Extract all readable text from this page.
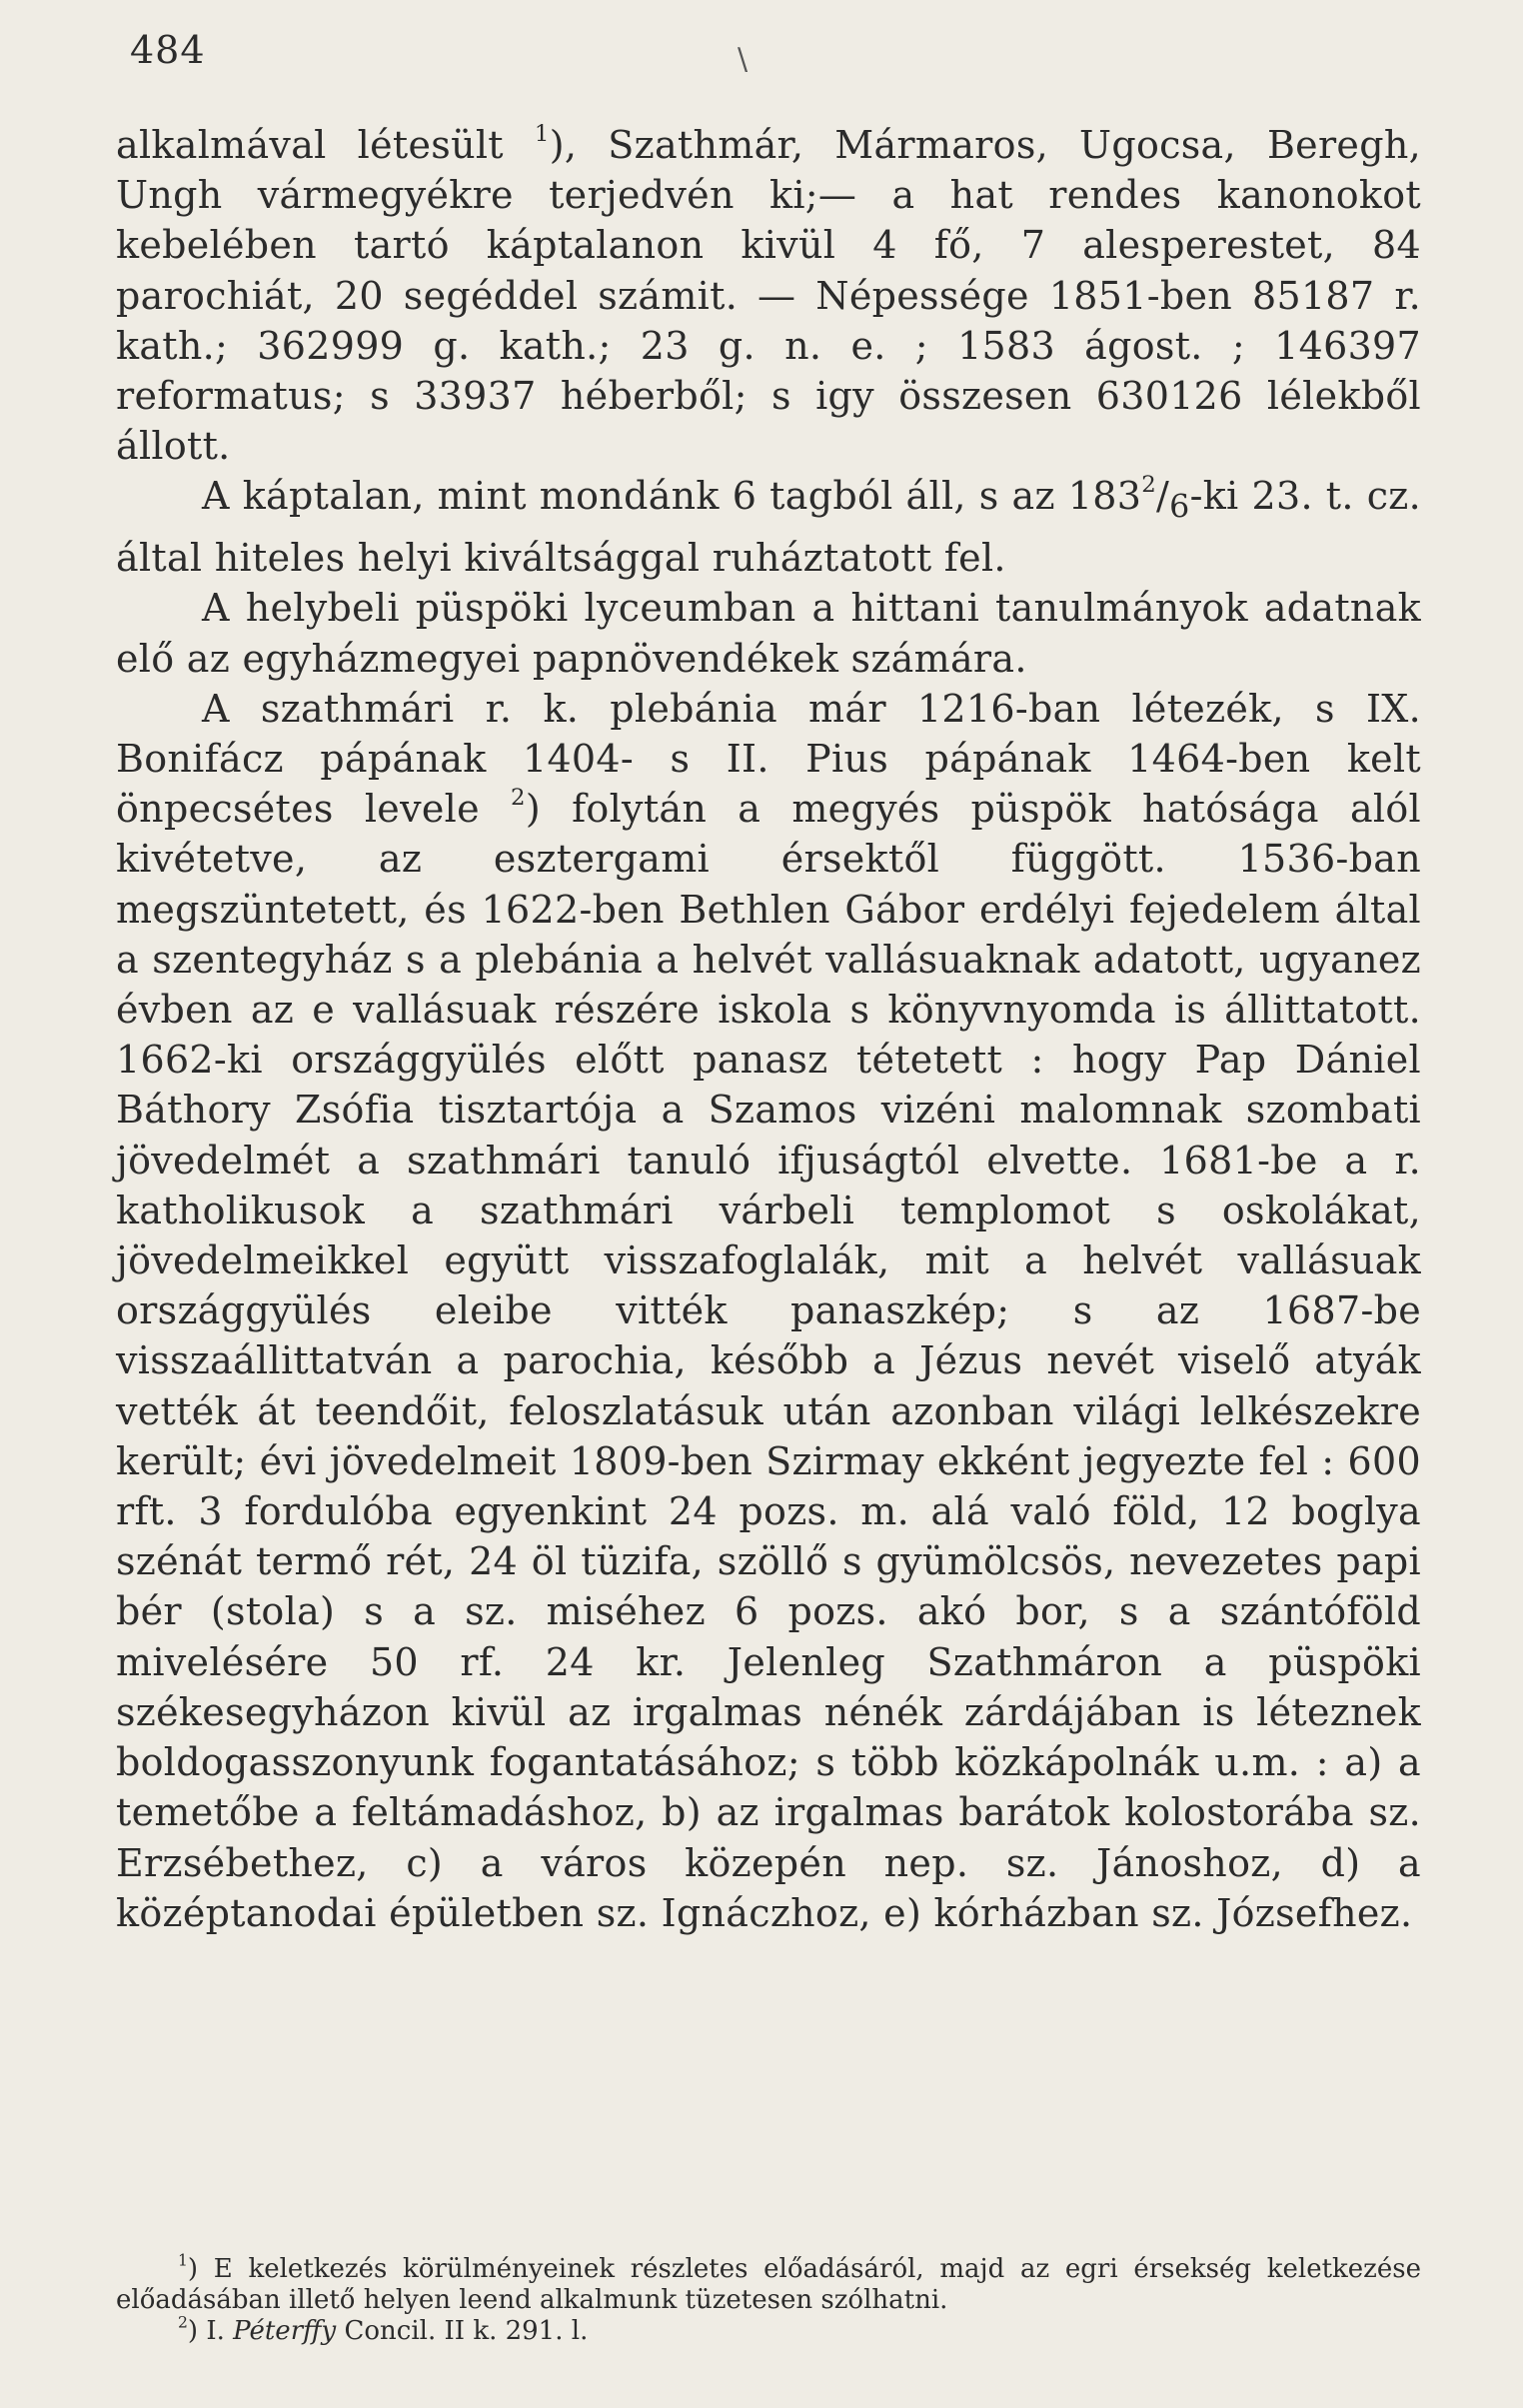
484	\

alkalmával létesült $^1$), Szathmár, Mármaros, Ugocsa, Beregh, Ungh vármegyékre terjedvén ki;— a hat rendes kanonokot kebelében tartó káptalanon kivül 4 fő, 7 alesperestet, 84 parochiát, 20 segéddel számit. — Népessége 1851-ben 85187 r. kath.; 362999 g. kath.; 23 g. n. e. ; 1583 ágost. ; 146397 reformatus; s 33937 héberből; s igy összesen 630126 lélekből állott.

A káptalan, mint mondánk 6 tagból áll, s az $183^2/_6-ki$ 23. t. cz. által hiteles helyi kiváltsággal ruháztatott fel.

A helybeli püspöki lyceumban a hittani tanulmányok adatnak elő az egyházmegyei papnövendékek számára.

A szathmári r. k. plebánia már 1216-ban létezék, s IX. Bonifácz pápának 1404- s II. Pius pápának 1464-ben kelt önpecsétes levele $^2$) folytán a megyés püspök hatósága alól kivétetve, az esztergami érsektől függött. 1536-ban megszüntetett, és 1622-ben Bethlen Gábor erdélyi fejedelem által a szentegyház s a plebánia a helvét vallásuaknak adatott, ugyanez évben az e vallásuak részére iskola s könyvnyomda is állittatott. 1662-ki országgyülés előtt panasz tétetett : hogy Pap Dániel Báthory Zsófia tisztartója a Szamos vizéni malomnak szombati jövedelmét a szathmári tanuló ifjuságtól elvette. 1681-be a r. katholikusok a szathmári várbeli templomot s oskolákat, jövedelmeikkel együtt visszafoglalák, mit a helvét vallásuak országgyülés eleibe vitték panaszkép; s az 1687-be visszaállittatván a parochia, később a Jézus nevét viselő atyák vették át teendőit, feloszlatásuk után azonban világi lelkészekre került; évi jövedelmeit 1809-ben Szirmay ekként jegyezte fel : 600 rft. 3 fordulóba egyenkint 24 pozs. m. alá való föld, 12 boglya szénát termő rét, 24 öl tüzifa, szöllő s gyümölcsös, nevezetes papi bér (stola) s a sz. miséhez 6 pozs. akó bor, s a szántóföld mivelésére 50 rf. 24 kr. Jelenleg Szathmáron a püspöki székesegyházon kivül az irgalmas nénék zárdájában is léteznek boldogasszonyunk fogantatásához; s több közkápolnák u.m. : a) a temetőbe a feltámadáshoz, b) az irgalmas barátok kolostorába sz. Erzsébethez, c) a város közepén nep. sz. Jánoshoz, d) a középtanodai épületben sz. Ignáczhoz, e) kórházban sz. Józsefhez.

$^1$) E keletkezés körülményeinek részletes előadásáról, majd az egri érsekség keletkezése előadásában illető helyen leend alkalmunk tüzetesen szólhatni.

$^2$) I. Péterffy Concil. II k. 291. l.
